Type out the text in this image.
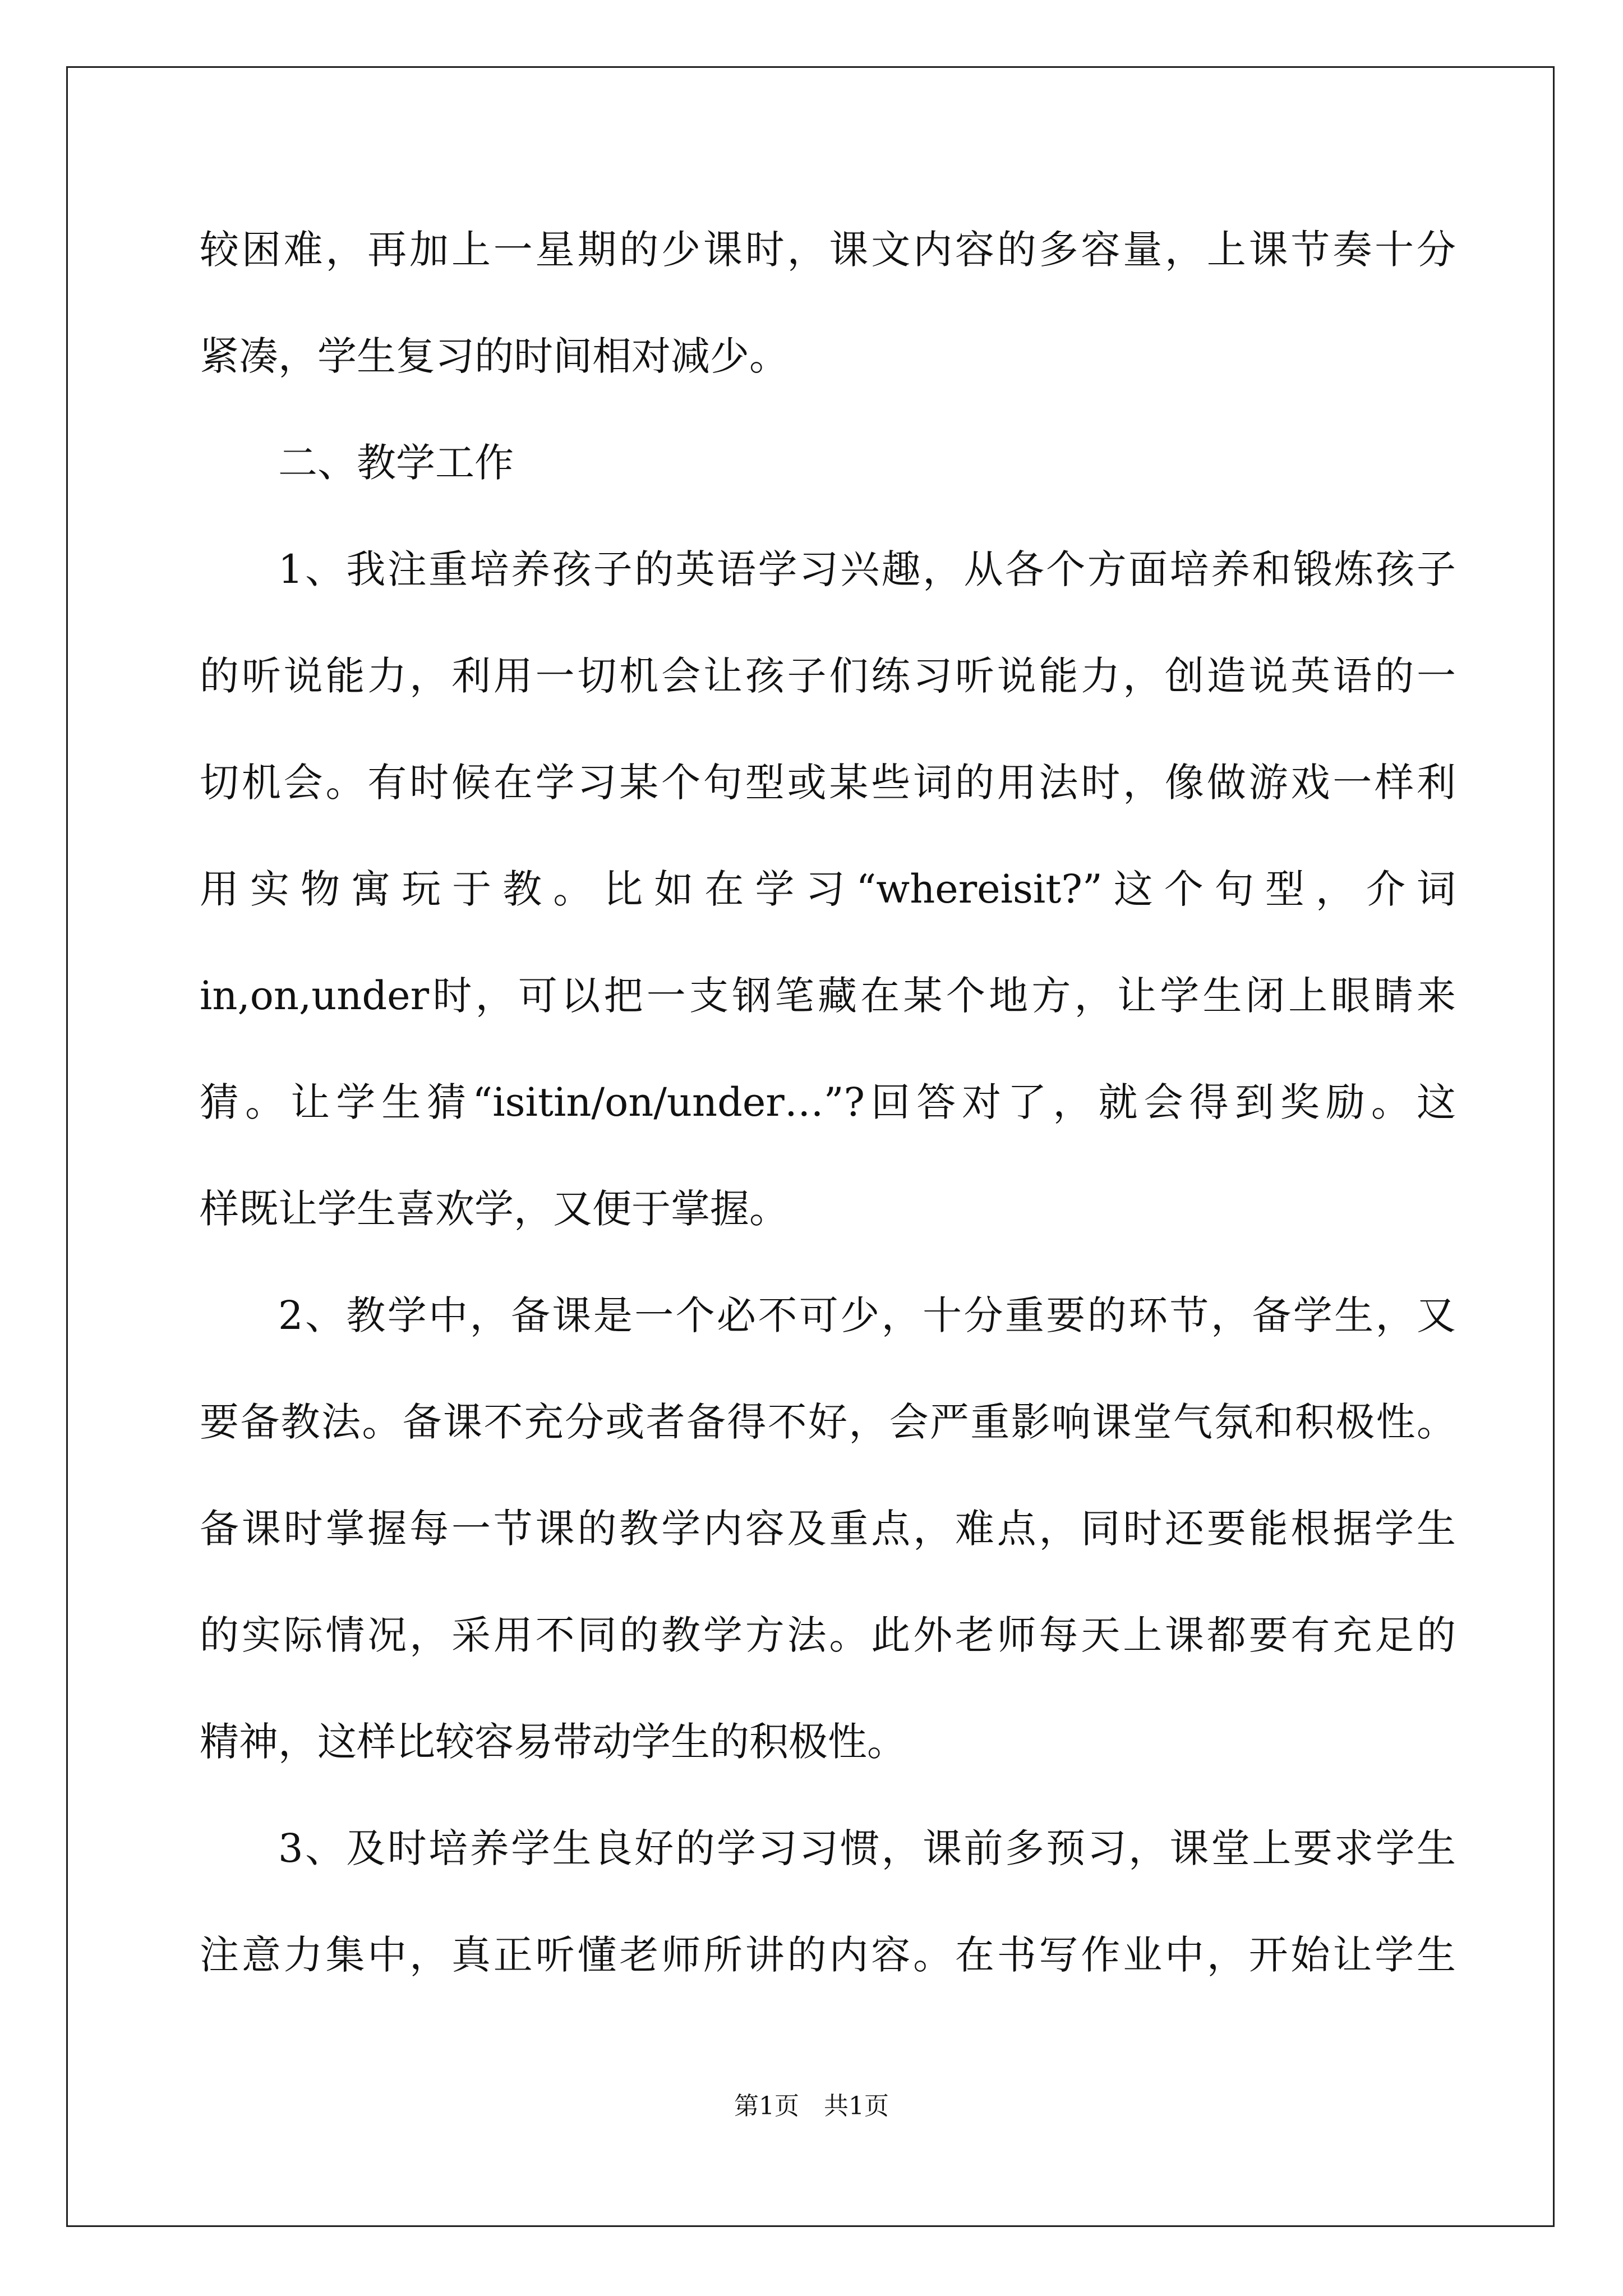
较困难，再加上一星期的少课时，课文内容的多容量，上课节奏十分
紧凑，学生复习的时间相对减少。
二、教学工作
1、我注重培养孩子的英语学习兴趣，从各个方面培养和锻炼孩子
的听说能力，利用一切机会让孩子们练习听说能力，创造说英语的一
切机会。有时候在学习某个句型或某些词的用法时，像做游戏一样利
用实物寓玩于教。比如在学习“whereisit?”这个句型，介词
in,on,under时，可以把一支钢笔藏在某个地方，让学生闭上眼睛来
猜。让学生猜“isitin/on/under…”?回答对了，就会得到奖励。这
样既让学生喜欢学，又便于掌握。
2、教学中，备课是一个必不可少，十分重要的环节，备学生，又
要备教法。备课不充分或者备得不好，会严重影响课堂气氛和积极性。
备课时掌握每一节课的教学内容及重点，难点，同时还要能根据学生
的实际情况，采用不同的教学方法。此外老师每天上课都要有充足的
精神，这样比较容易带动学生的积极性。
3、及时培养学生良好的学习习惯，课前多预习，课堂上要求学生
注意力集中，真正听懂老师所讲的内容。在书写作业中，开始让学生
第1页　共1页
